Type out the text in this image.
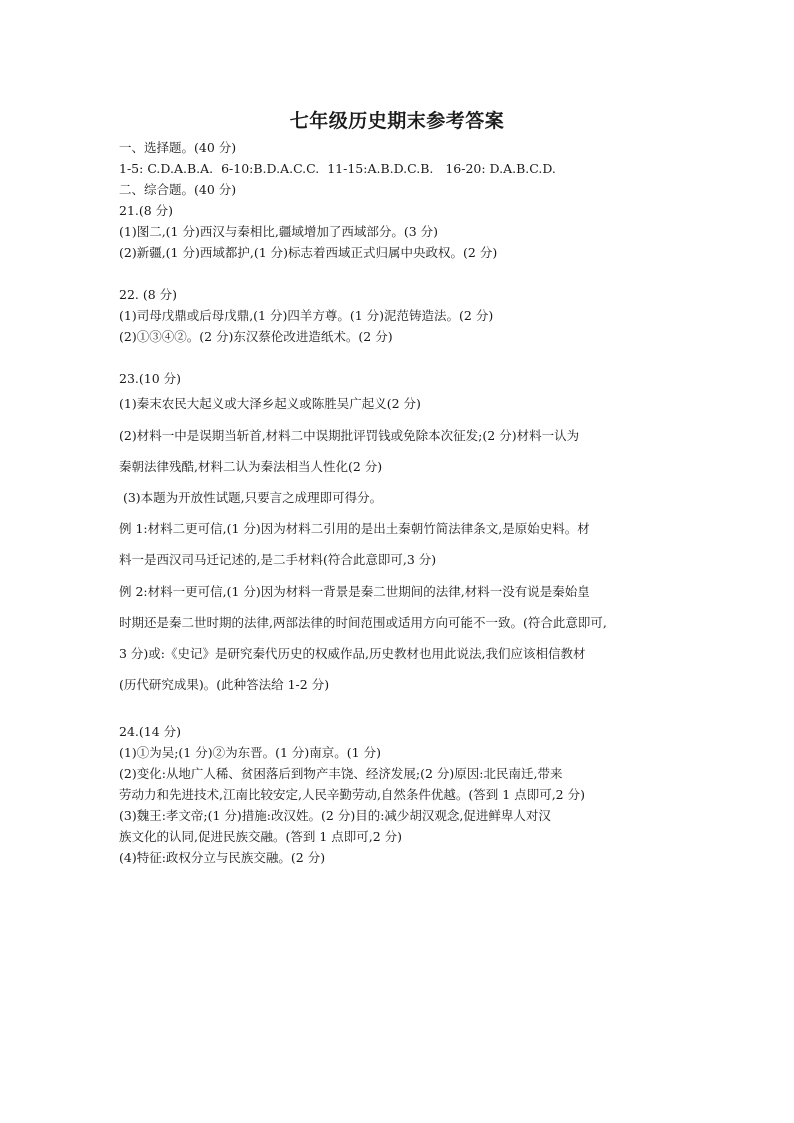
七年级历史期末参考答案
一、选择题。(40 分)
1-5: C.D.A.B.A.  6-10:B.D.A.C.C.  11-15:A.B.D.C.B.   16-20: D.A.B.C.D.
二、综合题。(40 分)
21.(8 分)
(1)图二,(1 分)西汉与秦相比,疆域增加了西域部分。(3 分)
(2)新疆,(1 分)西域都护,(1 分)标志着西域正式归属中央政权。(2 分)
22. (8 分)
(1)司母戊鼎或后母戊鼎,(1 分)四羊方尊。(1 分)泥范铸造法。(2 分)
(2)①③④②。(2 分)东汉蔡伦改进造纸术。(2 分)
23.(10 分)
(1)秦末农民大起义或大泽乡起义或陈胜吴广起义(2 分)
(2)材料一中是误期当斩首,材料二中误期批评罚钱或免除本次征发;(2 分)材料一认为
秦朝法律残酷,材料二认为秦法相当人性化(2 分)
(3)本题为开放性试题,只要言之成理即可得分。
例 1:材料二更可信,(1 分)因为材料二引用的是出土秦朝竹简法律条文,是原始史料。材
料一是西汉司马迁记述的,是二手材料(符合此意即可,3 分)
例 2:材料一更可信,(1 分)因为材料一背景是秦二世期间的法律,材料一没有说是秦始皇
时期还是秦二世时期的法律,两部法律的时间范围或适用方向可能不一致。(符合此意即可,
3 分)或:《史记》是研究秦代历史的权威作品,历史教材也用此说法,我们应该相信教材
(历代研究成果)。(此种答法给 1-2 分)
24.(14 分)
(1)①为吴;(1 分)②为东晋。(1 分)南京。(1 分)
(2)变化:从地广人稀、贫困落后到物产丰饶、经济发展;(2 分)原因:北民南迁,带来
劳动力和先进技术,江南比较安定,人民辛勤劳动,自然条件优越。(答到 1 点即可,2 分)
(3)魏王:孝文帝;(1 分)措施:改汉姓。(2 分)目的:减少胡汉观念,促进鲜卑人对汉
族文化的认同,促进民族交融。(答到 1 点即可,2 分)
(4)特征:政权分立与民族交融。(2 分)
